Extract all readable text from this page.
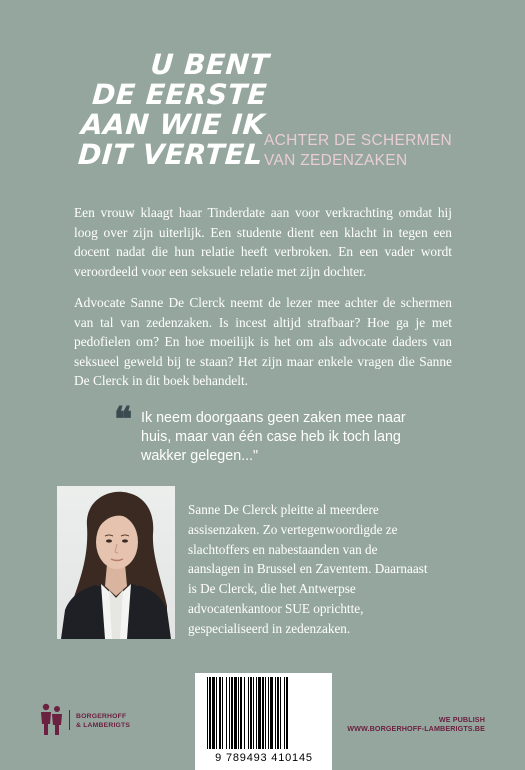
U BENT
DE EERSTE
AAN WIE IK
DIT VERTEL ACHTER DE SCHERMEN
VAN ZEDENZAKEN

Een vrouw klaagt haar Tinderdate aan voor verkrachting omdat hij loog over zijn uiterlijk. Een studente dient een klacht in tegen een docent nadat die hun relatie heeft verbroken. En een vader wordt veroordeeld voor een seksuele relatie met zijn dochter.

Advocate Sanne De Clerck neemt de lezer mee achter de schermen van tal van zedenzaken. Is incest altijd strafbaar? Hoe ga je met pedofielen om? En hoe moeilijk is het om als advocate daders van seksueel geweld bij te staan? Het zijn maar enkele vragen die Sanne De Clerck in dit boek behandelt.

❝ Ik neem doorgaans geen zaken mee naar huis, maar van één case heb ik toch lang wakker gelegen..."

Sanne De Clerck pleitte al meerdere assisenzaken. Zo vertegenwoordigde ze slachtoffers en nabestaanden van de aanslagen in Brussel en Zaventem. Daarnaast is De Clerck, die het Antwerpse advocatenkantoor SUE oprichtte, gespecialiseerd in zedenzaken.

9 789493 410145
BORGERHOFF
& LAMBERIGTS
WE PUBLISH
WWW.BORGERHOFF-LAMBERIGTS.BE
